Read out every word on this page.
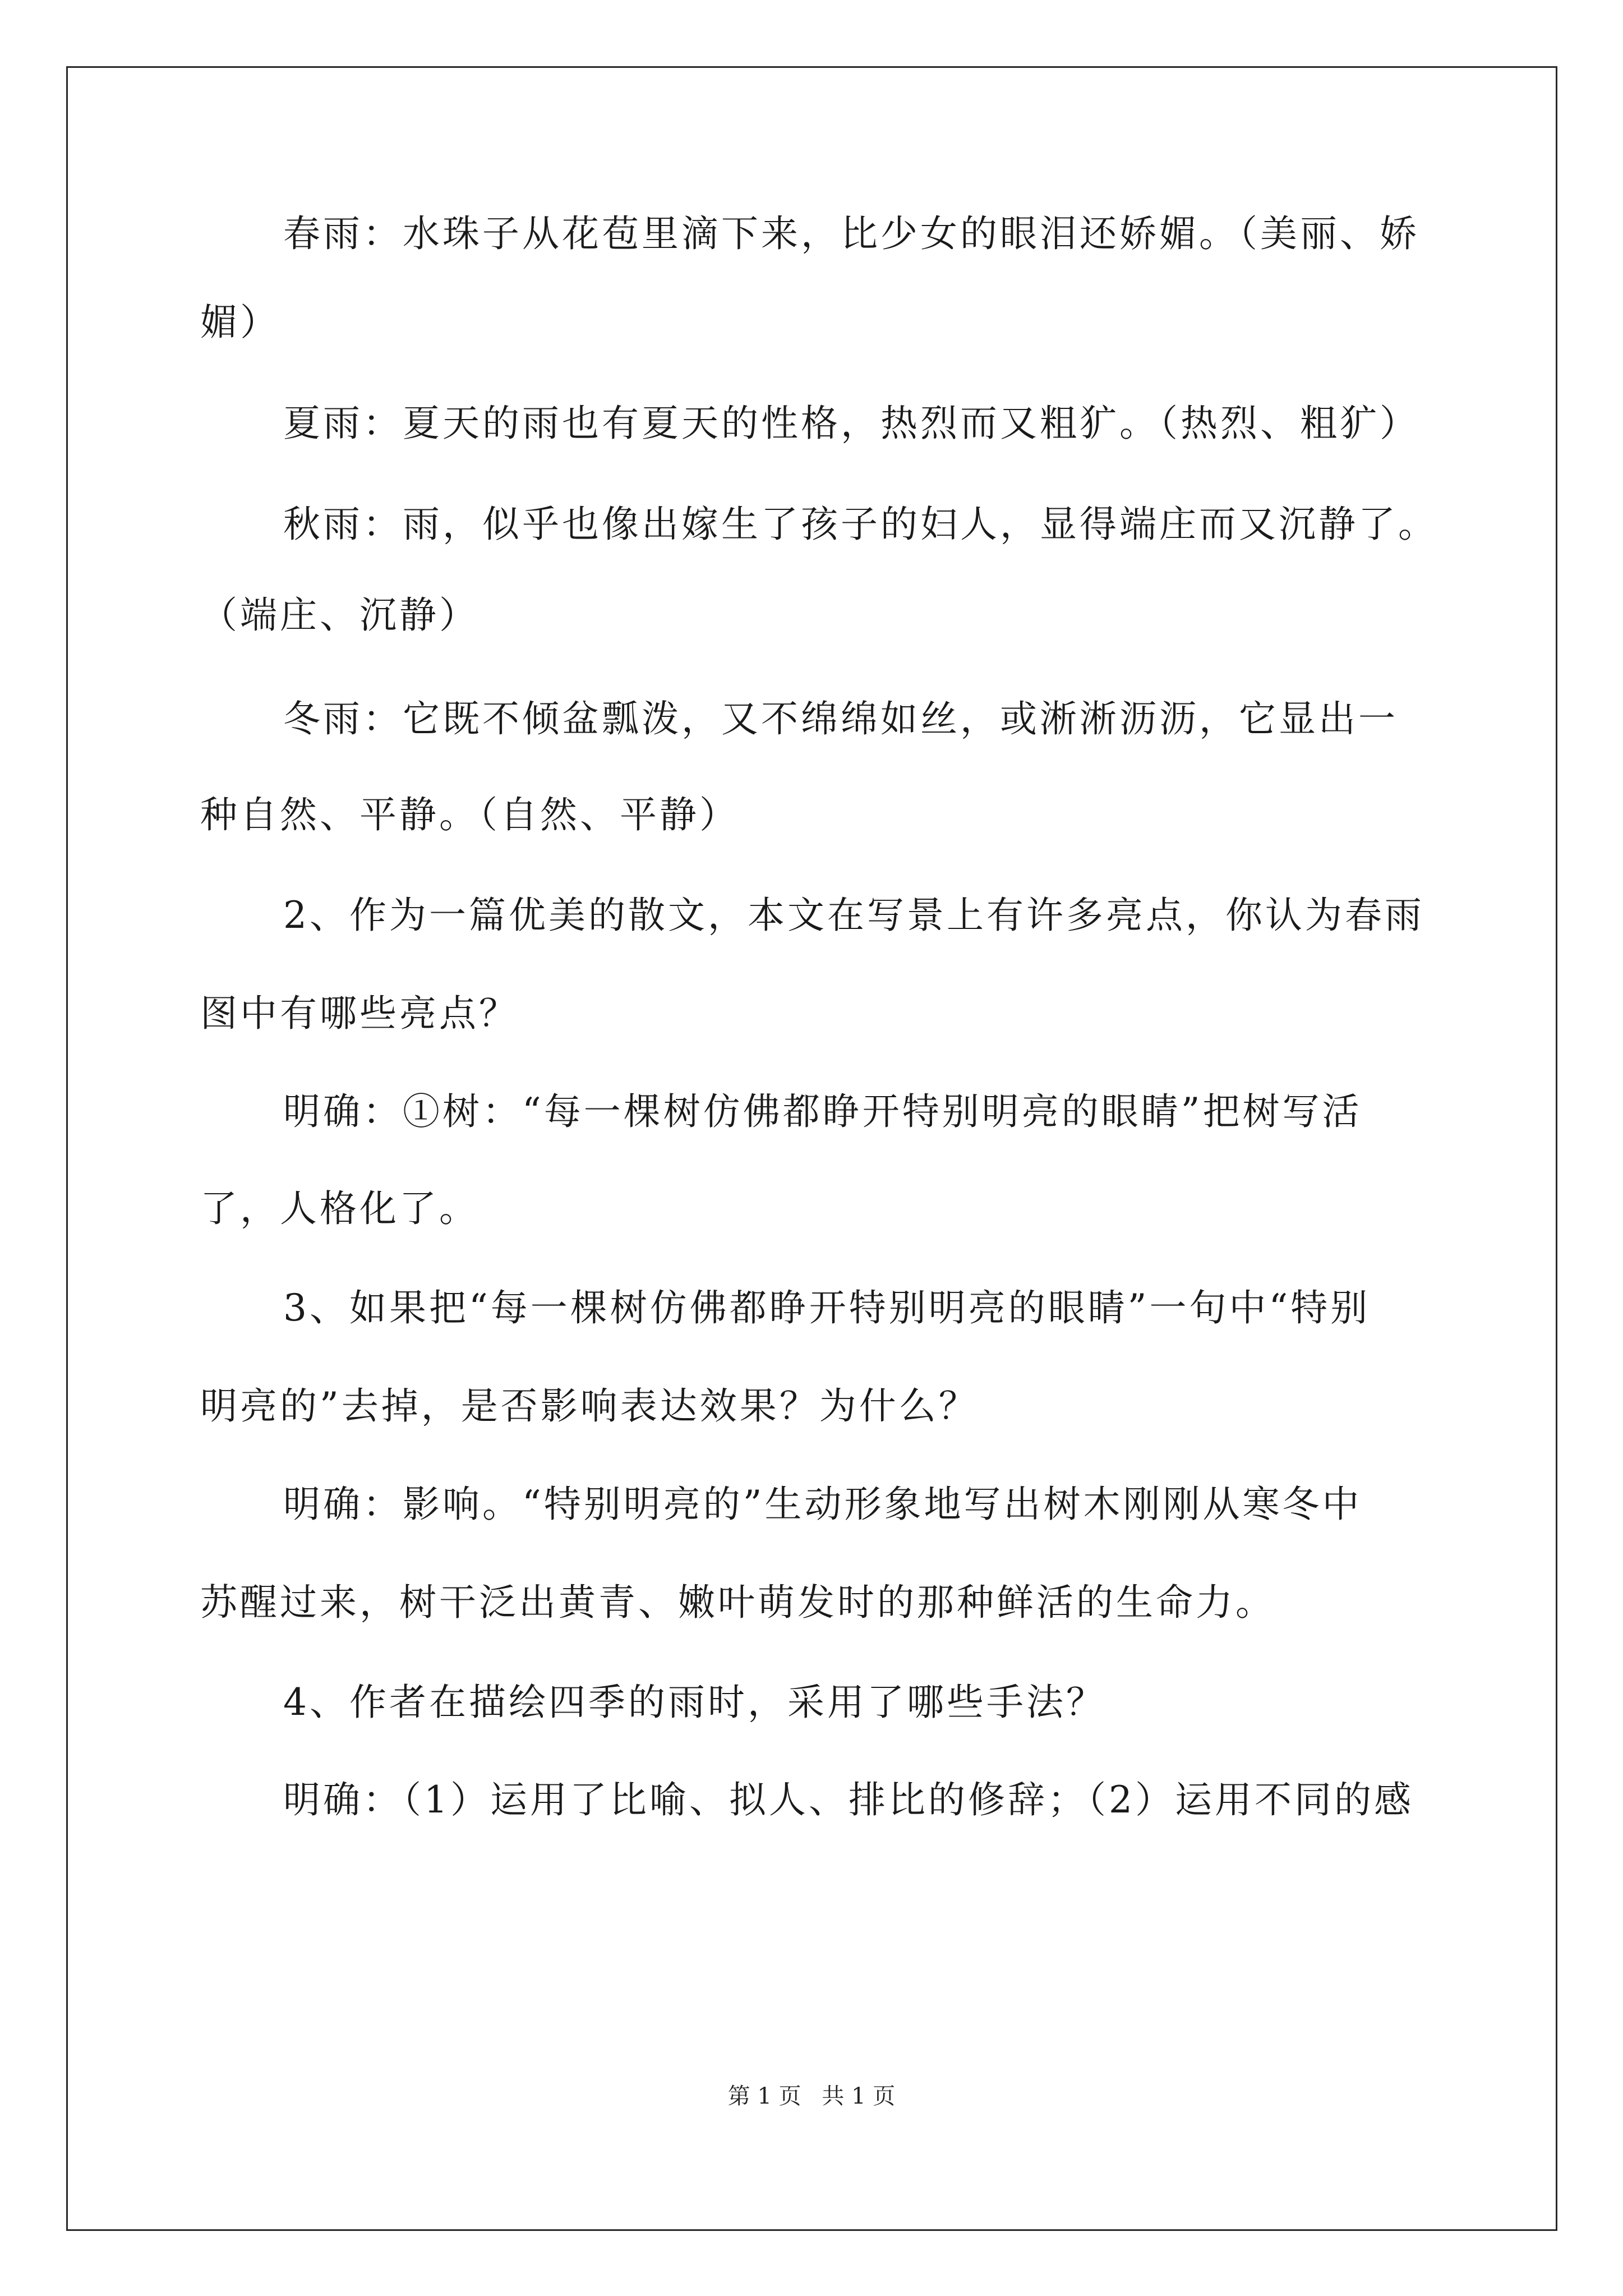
春雨：水珠子从花苞里滴下来，比少女的眼泪还娇媚。（美丽、娇
媚）
夏雨：夏天的雨也有夏天的性格，热烈而又粗犷。（热烈、粗犷）
秋雨：雨，似乎也像出嫁生了孩子的妇人，显得端庄而又沉静了。
（端庄、沉静）
冬雨：它既不倾盆瓢泼，又不绵绵如丝，或淅淅沥沥，它显出一
种自然、平静。（自然、平静）
2、作为一篇优美的散文，本文在写景上有许多亮点，你认为春雨
图中有哪些亮点？
明确：①树：“每一棵树仿佛都睁开特别明亮的眼睛”把树写活
了，人格化了。
3、如果把“每一棵树仿佛都睁开特别明亮的眼睛”一句中“特别
明亮的”去掉，是否影响表达效果？为什么？
明确：影响。“特别明亮的”生动形象地写出树木刚刚从寒冬中
苏醒过来，树干泛出黄青、嫩叶萌发时的那种鲜活的生命力。
4、作者在描绘四季的雨时，采用了哪些手法？
明确：（1）运用了比喻、拟人、排比的修辞；（2）运用不同的感
第 1 页 共 1 页
